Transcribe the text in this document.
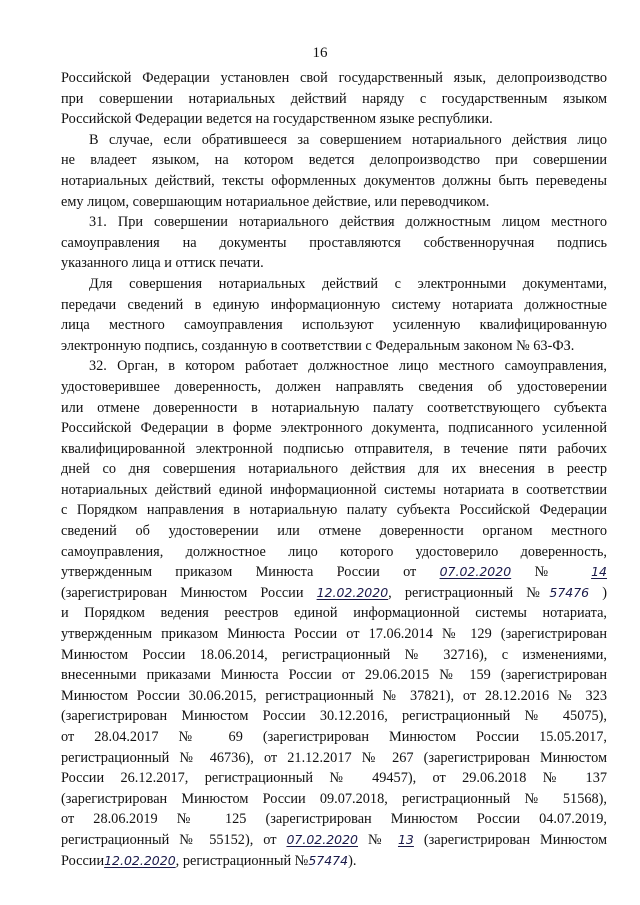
16
Российской Федерации установлен свой государственный язык, делопроизводство
при совершении нотариальных действий наряду с государственным языком
Российской Федерации ведется на государственном языке республики.
В случае, если обратившееся за совершением нотариального действия лицо
не владеет языком, на котором ведется делопроизводство при совершении
нотариальных действий, тексты оформленных документов должны быть переведены
ему лицом, совершающим нотариальное действие, или переводчиком.
31. При совершении нотариального действия должностным лицом местного
самоуправления на документы проставляются собственноручная подпись
указанного лица и оттиск печати.
Для совершения нотариальных действий с электронными документами,
передачи сведений в единую информационную систему нотариата должностные
лица местного самоуправления используют усиленную квалифицированную
электронную подпись, созданную в соответствии с Федеральным законом № 63-ФЗ.
32. Орган, в котором работает должностное лицо местного самоуправления,
удостоверившее доверенность, должен направлять сведения об удостоверении
или отмене доверенности в нотариальную палату соответствующего субъекта
Российской Федерации в форме электронного документа, подписанного усиленной
квалифицированной электронной подписью отправителя, в течение пяти рабочих
дней со дня совершения нотариального действия для их внесения в реестр
нотариальных действий единой информационной системы нотариата в соответствии
с Порядком направления в нотариальную палату субъекта Российской Федерации
сведений об удостоверении или отмене доверенности органом местного
самоуправления, должностное лицо которого удостоверило доверенность,
утвержденным приказом Минюста России от 07.02.2020 № 14
(зарегистрирован Минюстом России 12.02.2020, регистрационный №57476 )
и Порядком ведения реестров единой информационной системы нотариата,
утвержденным приказом Минюста России от 17.06.2014 № 129 (зарегистрирован
Минюстом России 18.06.2014, регистрационный № 32716), с изменениями,
внесенными приказами Минюста России от 29.06.2015 № 159 (зарегистрирован
Минюстом России 30.06.2015, регистрационный № 37821), от 28.12.2016 № 323
(зарегистрирован Минюстом России 30.12.2016, регистрационный № 45075),
от 28.04.2017 № 69 (зарегистрирован Минюстом России 15.05.2017,
регистрационный № 46736), от 21.12.2017 № 267 (зарегистрирован Минюстом
России 26.12.2017, регистрационный № 49457), от 29.06.2018 № 137
(зарегистрирован Минюстом России 09.07.2018, регистрационный № 51568),
от 28.06.2019 № 125 (зарегистрирован Минюстом России 04.07.2019,
регистрационный № 55152), от 07.02.2020 № 13 (зарегистрирован Минюстом
России12.02.2020, регистрационный №57474).
